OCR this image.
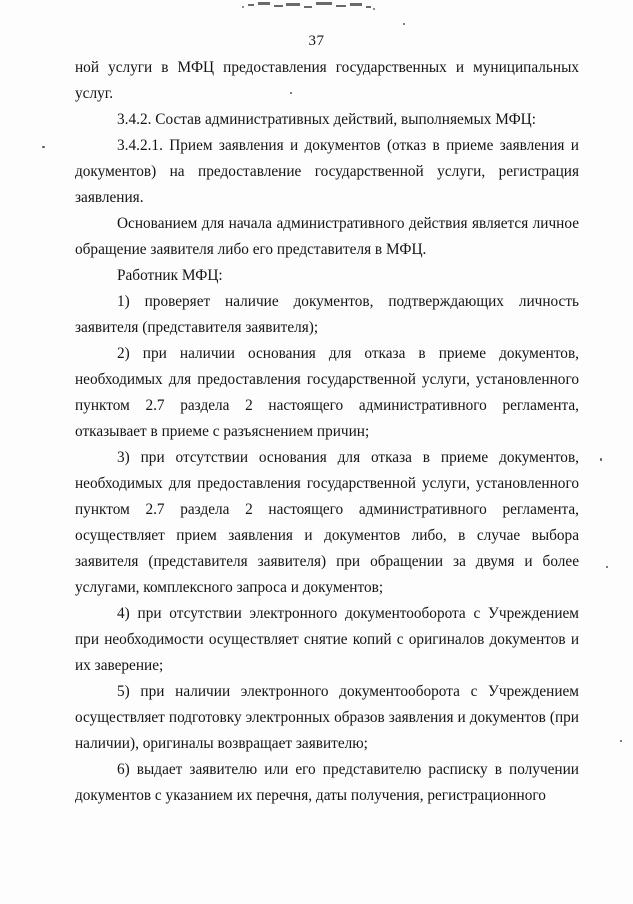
37

ной услуги в МФЦ предоставления государственных и муниципальных услуг.

3.4.2. Состав административных действий, выполняемых МФЦ:

3.4.2.1. Прием заявления и документов (отказ в приеме заявления и документов) на предоставление государственной услуги, регистрация заявления.

Основанием для начала административного действия является личное обращение заявителя либо его представителя в МФЦ.

Работник МФЦ:

1) проверяет наличие документов, подтверждающих личность заявителя (представителя заявителя);

2) при наличии основания для отказа в приеме документов, необходимых для предоставления государственной услуги, установленного пунктом 2.7 раздела 2 настоящего административного регламента, отказывает в приеме с разъяснением причин;

3) при отсутствии основания для отказа в приеме документов, необходимых для предоставления государственной услуги, установленного пунктом 2.7 раздела 2 настоящего административного регламента, осуществляет прием заявления и документов либо, в случае выбора заявителя (представителя заявителя) при обращении за двумя и более услугами, комплексного запроса и документов;

4) при отсутствии электронного документооборота с Учреждением при необходимости осуществляет снятие копий с оригиналов документов и их заверение;

5) при наличии электронного документооборота с Учреждением осуществляет подготовку электронных образов заявления и документов (при наличии), оригиналы возвращает заявителю;

6) выдает заявителю или его представителю расписку в получении документов с указанием их перечня, даты получения, регистрационного
